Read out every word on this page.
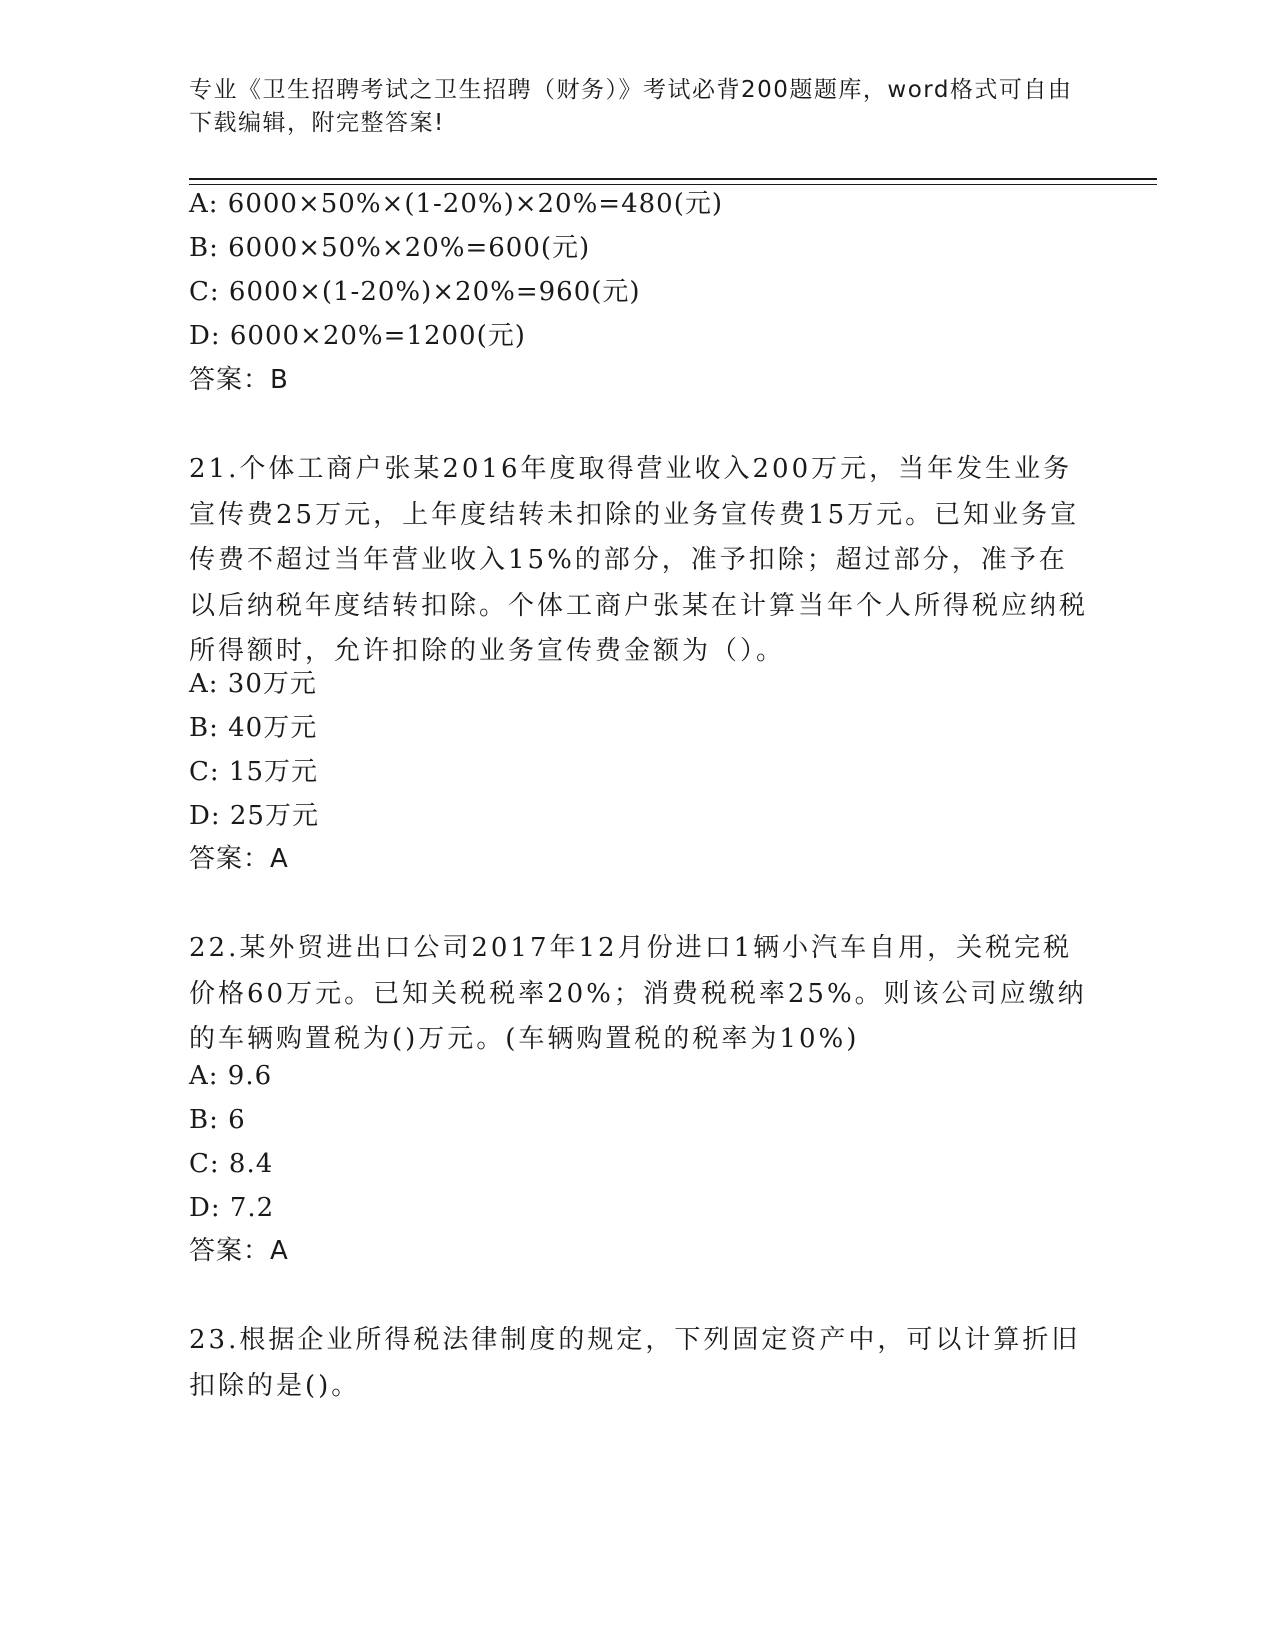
专业《卫生招聘考试之卫生招聘（财务）》考试必背200题题库，word格式可自由下载编辑，附完整答案!
A: 6000×50%×(1-20%)×20%=480(元)
B: 6000×50%×20%=600(元)
C: 6000×(1-20%)×20%=960(元)
D: 6000×20%=1200(元)
答案：B
21.个体工商户张某2016年度取得营业收入200万元，当年发生业务宣传费25万元，上年度结转未扣除的业务宣传费15万元。已知业务宣传费不超过当年营业收入15%的部分，准予扣除；超过部分，准予在以后纳税年度结转扣除。个体工商户张某在计算当年个人所得税应纳税所得额时，允许扣除的业务宣传费金额为（）。
A: 30万元
B: 40万元
C: 15万元
D: 25万元
答案：A
22.某外贸进出口公司2017年12月份进口1辆小汽车自用，关税完税价格60万元。已知关税税率20%；消费税税率25%。则该公司应缴纳的车辆购置税为()万元。(车辆购置税的税率为10%)
A: 9.6
B: 6
C: 8.4
D: 7.2
答案：A
23.根据企业所得税法律制度的规定，下列固定资产中，可以计算折旧扣除的是()。
